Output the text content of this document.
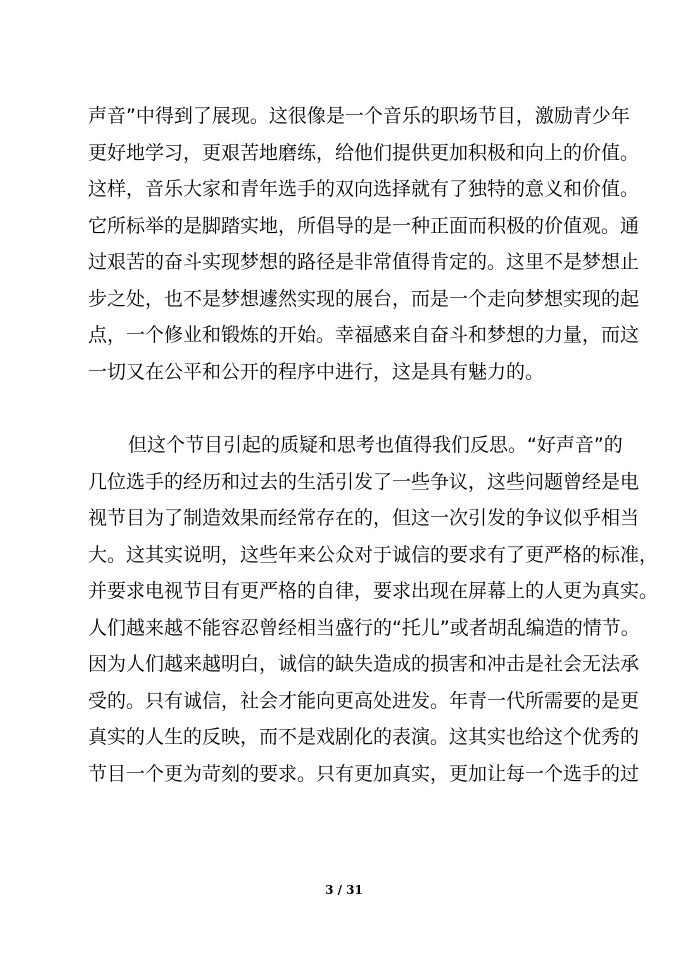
声音”中得到了展现。这很像是一个音乐的职场节目，激励青少年
更好地学习，更艰苦地磨练，给他们提供更加积极和向上的价值。
这样，音乐大家和青年选手的双向选择就有了独特的意义和价值。
它所标举的是脚踏实地，所倡导的是一种正面而积极的价值观。通
过艰苦的奋斗实现梦想的路径是非常值得肯定的。这里不是梦想止
步之处，也不是梦想遽然实现的展台，而是一个走向梦想实现的起
点，一个修业和锻炼的开始。幸福感来自奋斗和梦想的力量，而这
一切又在公平和公开的程序中进行，这是具有魅力的。
但这个节目引起的质疑和思考也值得我们反思。“好声音”的
几位选手的经历和过去的生活引发了一些争议，这些问题曾经是电
视节目为了制造效果而经常存在的，但这一次引发的争议似乎相当
大。这其实说明，这些年来公众对于诚信的要求有了更严格的标准，
并要求电视节目有更严格的自律，要求出现在屏幕上的人更为真实。
人们越来越不能容忍曾经相当盛行的“托儿”或者胡乱编造的情节。
因为人们越来越明白，诚信的缺失造成的损害和冲击是社会无法承
受的。只有诚信，社会才能向更高处进发。年青一代所需要的是更
真实的人生的反映，而不是戏剧化的表演。这其实也给这个优秀的
节目一个更为苛刻的要求。只有更加真实，更加让每一个选手的过
3 / 31
